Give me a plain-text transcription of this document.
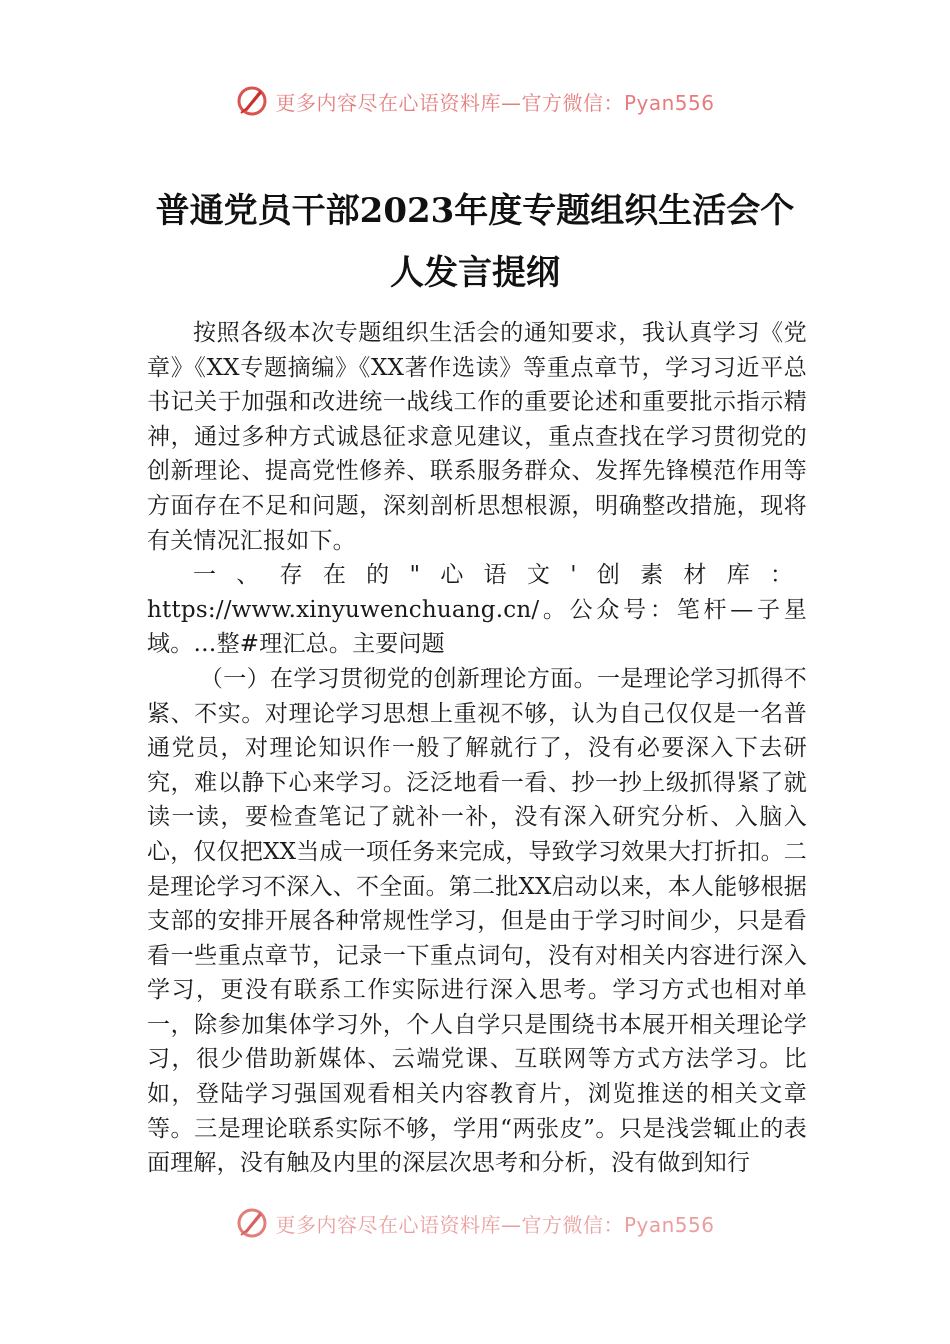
更多内容尽在心语资料库—官方微信：Pyan556
普通党员干部2023年度专题组织生活会个
人发言提纲

按照各级本次专题组织生活会的通知要求，我认真学习《党章》《XX专题摘编》《XX著作选读》等重点章节，学习习近平总书记关于加强和改进统一战线工作的重要论述和重要批示指示精神，通过多种方式诚恳征求意见建议，重点查找在学习贯彻党的创新理论、提高党性修养、联系服务群众、发挥先锋模范作用等方面存在不足和问题，深刻剖析思想根源，明确整改措施，现将有关情况汇报如下。

一、存在的"心语文'创素材库：https://www.xinyuwenchuang.cn/。公众号：笔杆—子星域。…整#理汇总。主要问题

（一）在学习贯彻党的创新理论方面。一是理论学习抓得不紧、不实。对理论学习思想上重视不够，认为自己仅仅是一名普通党员，对理论知识作一般了解就行了，没有必要深入下去研究，难以静下心来学习。泛泛地看一看、抄一抄上级抓得紧了就读一读，要检查笔记了就补一补，没有深入研究分析、入脑入心，仅仅把XX当成一项任务来完成，导致学习效果大打折扣。二是理论学习不深入、不全面。第二批XX启动以来，本人能够根据支部的安排开展各种常规性学习，但是由于学习时间少，只是看看一些重点章节，记录一下重点词句，没有对相关内容进行深入学习，更没有联系工作实际进行深入思考。学习方式也相对单一，除参加集体学习外，个人自学只是围绕书本展开相关理论学习，很少借助新媒体、云端党课、互联网等方式方法学习。比如，登陆学习强国观看相关内容教育片，浏览推送的相关文章等。三是理论联系实际不够，学用“两张皮”。只是浅尝辄止的表面理解，没有触及内里的深层次思考和分析，没有做到知行

更多内容尽在心语资料库—官方微信：Pyan556
